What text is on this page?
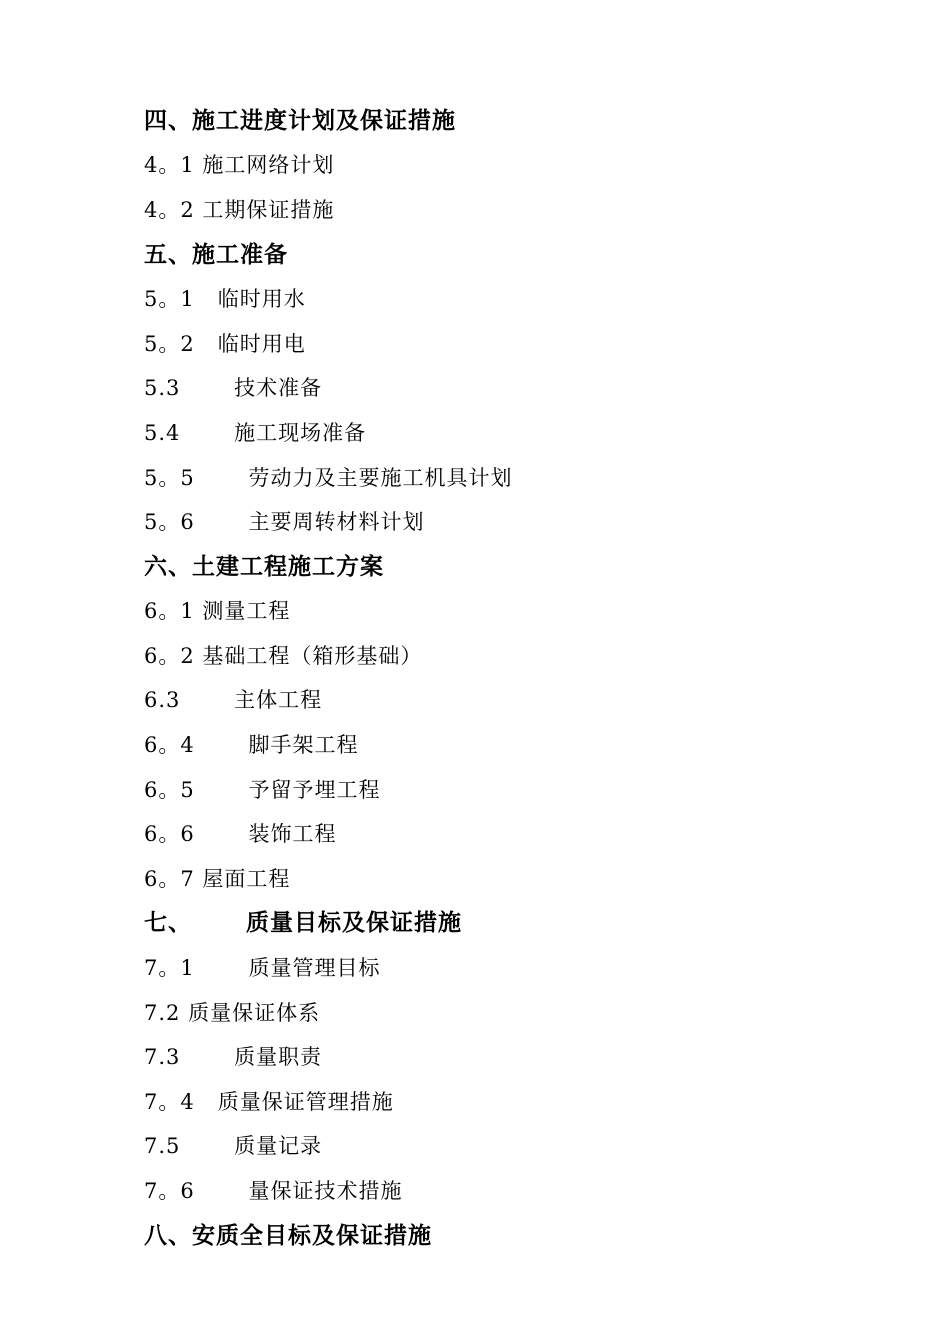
四、施工进度计划及保证措施
4。1 施工网络计划
4。2 工期保证措施
五、施工准备
5。1   临时用水
5。2   临时用电
5.3       技术准备
5.4       施工现场准备
5。5       劳动力及主要施工机具计划
5。6       主要周转材料计划
六、土建工程施工方案
6。1 测量工程
6。2 基础工程（箱形基础）
6.3       主体工程
6。4       脚手架工程
6。5       予留予埋工程
6。6       装饰工程
6。7 屋面工程
七、      质量目标及保证措施
7。1       质量管理目标
7.2 质量保证体系
7.3       质量职责
7。4   质量保证管理措施
7.5       质量记录
7。6       量保证技术措施
八、安质全目标及保证措施
